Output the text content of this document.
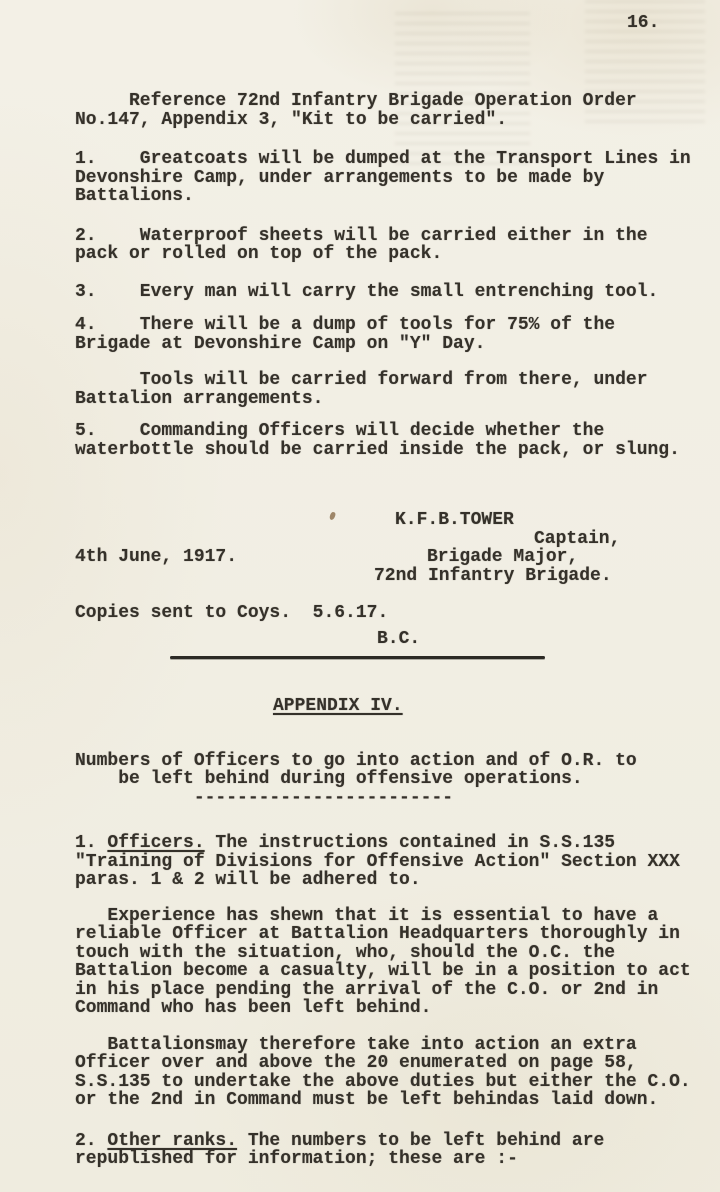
16.
Reference 72nd Infantry Brigade Operation Order
No.147, Appendix 3, "Kit to be carried".
1.    Greatcoats will be dumped at the Transport Lines in
Devonshire Camp, under arrangements to be made by
Battalions.
2.    Waterproof sheets will be carried either in the
pack or rolled on top of the pack.
3.    Every man will carry the small entrenching tool.
4.    There will be a dump of tools for 75% of the
Brigade at Devonshire Camp on "Y" Day.
Tools will be carried forward from there, under
Battalion arrangements.
5.    Commanding Officers will decide whether the
waterbottle should be carried inside the pack, or slung.
K.F.B.TOWER
Captain,
4th June, 1917.	Brigade Major,
72nd Infantry Brigade.
Copies sent to Coys.  5.6.17.
B.C.
APPENDIX IV.
Numbers of Officers to go into action and of O.R. to
be left behind during offensive operations.
------------------------
1. Officers. The instructions contained in S.S.135
"Training of Divisions for Offensive Action" Section XXX
paras. 1 & 2 will be adhered to.
Experience has shewn that it is essential to have a
reliable Officer at Battalion Headquarters thoroughly in
touch with the situation, who, should the O.C. the
Battalion become a casualty, will be in a position to act
in his place pending the arrival of the C.O. or 2nd in
Command who has been left behind.
Battalionsmay therefore take into action an extra
Officer over and above the 20 enumerated on page 58,
S.S.135 to undertake the above duties but either the C.O.
or the 2nd in Command must be left behindas laid down.
2. Other ranks. The numbers to be left behind are
republished for information; these are :-
